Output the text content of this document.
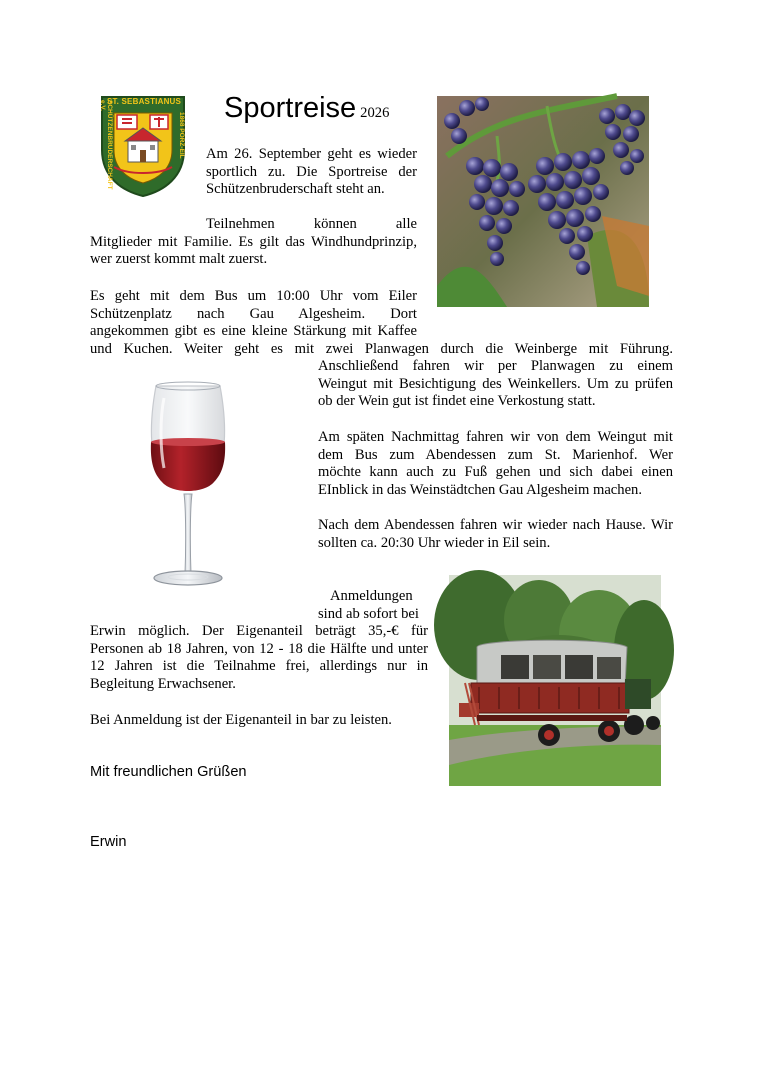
ST. SEBASTIANUS
SCHÜTZENBRUDERSCHAFT e.V.
1868 PORZ-EIL
Sportreise 2026
Am 26. September geht es wieder
sportlich zu. Die Sportreise der
Schützenbruderschaft steht an.
Teilnehmen können alle
Mitglieder mit Familie. Es gilt das Windhundprinzip,
wer zuerst kommt malt zuerst.
Es geht mit dem Bus um 10:00 Uhr vom Eiler
Schützenplatz nach Gau Algesheim. Dort
angekommen gibt es eine kleine Stärkung mit Kaffee
und Kuchen. Weiter geht es mit zwei Planwagen durch die Weinberge mit Führung.
Anschließend fahren wir per Planwagen zu einem
Weingut mit Besichtigung des Weinkellers. Um zu prüfen
ob der Wein gut ist findet eine Verkostung statt.
Am späten Nachmittag fahren wir von dem Weingut mit
dem Bus zum Abendessen zum St. Marienhof. Wer
möchte kann auch zu Fuß gehen und sich dabei einen
EInblick in das Weinstädtchen Gau Algesheim machen.
Nach dem Abendessen fahren wir wieder nach Hause. Wir
sollten ca. 20:30 Uhr wieder in Eil sein.
Anmeldungen
sind ab sofort bei
Erwin möglich. Der Eigenanteil beträgt 35,-€ für
Personen ab 18 Jahren, von 12 - 18 die Hälfte und unter
12 Jahren ist die Teilnahme frei, allerdings nur in
Begleitung Erwachsener.
Bei Anmeldung ist der Eigenanteil in bar zu leisten.
Mit freundlichen Grüßen
Erwin
